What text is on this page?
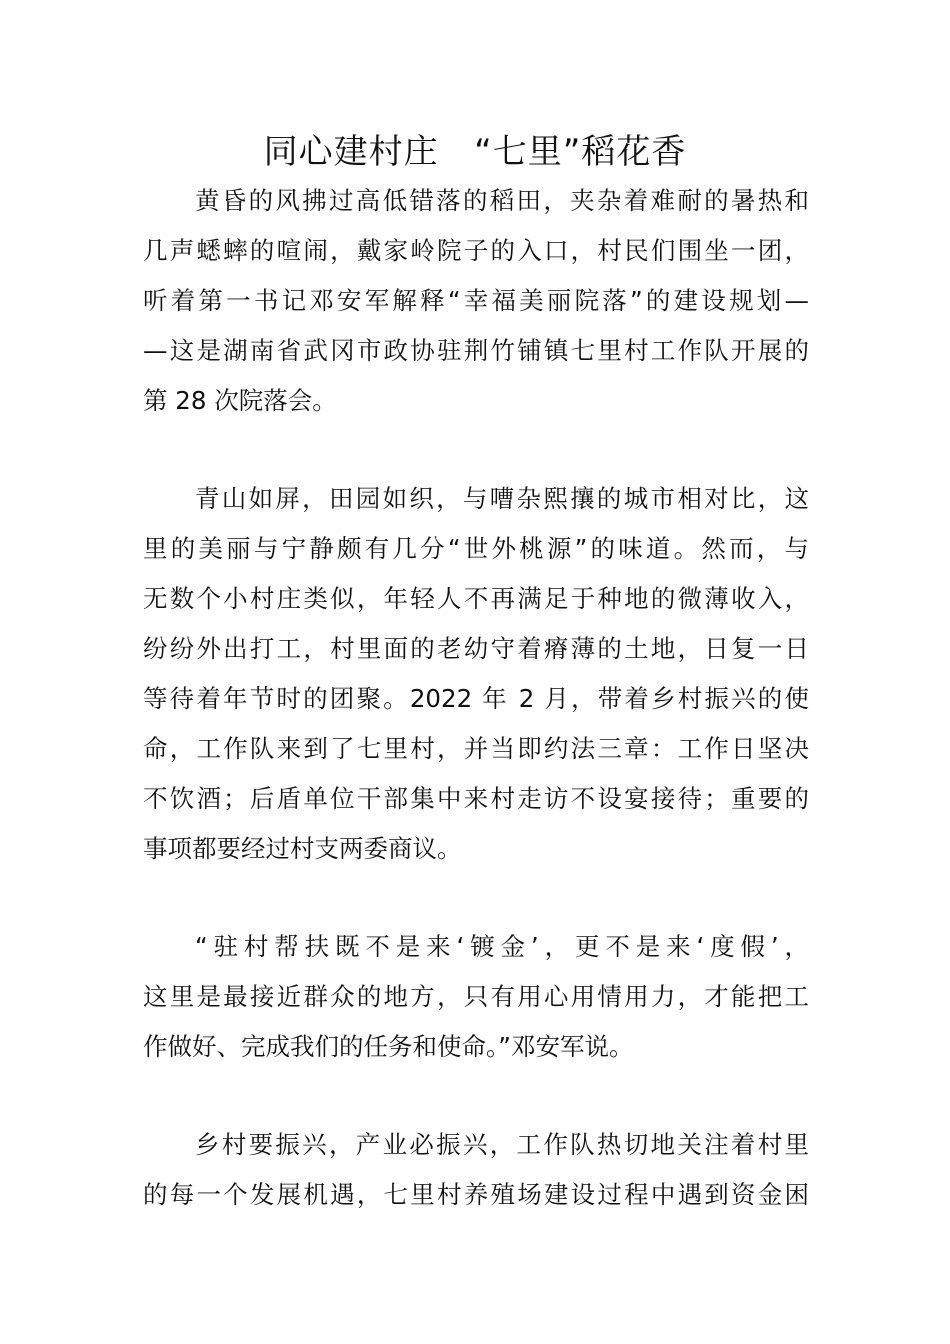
同心建村庄   “七里”稻花香
黄昏的风拂过高低错落的稻田，夹杂着难耐的暑热和
几声蟋蟀的喧闹，戴家岭院子的入口，村民们围坐一团，
听着第一书记邓安军解释“幸福美丽院落”的建设规划—
—这是湖南省武冈市政协驻荆竹铺镇七里村工作队开展的
第 28 次院落会。
青山如屏，田园如织，与嘈杂熙攘的城市相对比，这
里的美丽与宁静颇有几分“世外桃源”的味道。然而，与
无数个小村庄类似，年轻人不再满足于种地的微薄收入，
纷纷外出打工，村里面的老幼守着瘠薄的土地，日复一日
等待着年节时的团聚。2022 年 2 月，带着乡村振兴的使
命，工作队来到了七里村，并当即约法三章：工作日坚决
不饮酒；后盾单位干部集中来村走访不设宴接待；重要的
事项都要经过村支两委商议。
“驻村帮扶既不是来‘镀金’，更不是来‘度假’，
这里是最接近群众的地方，只有用心用情用力，才能把工
作做好、完成我们的任务和使命。”邓安军说。
乡村要振兴，产业必振兴，工作队热切地关注着村里
的每一个发展机遇，七里村养殖场建设过程中遇到资金困
